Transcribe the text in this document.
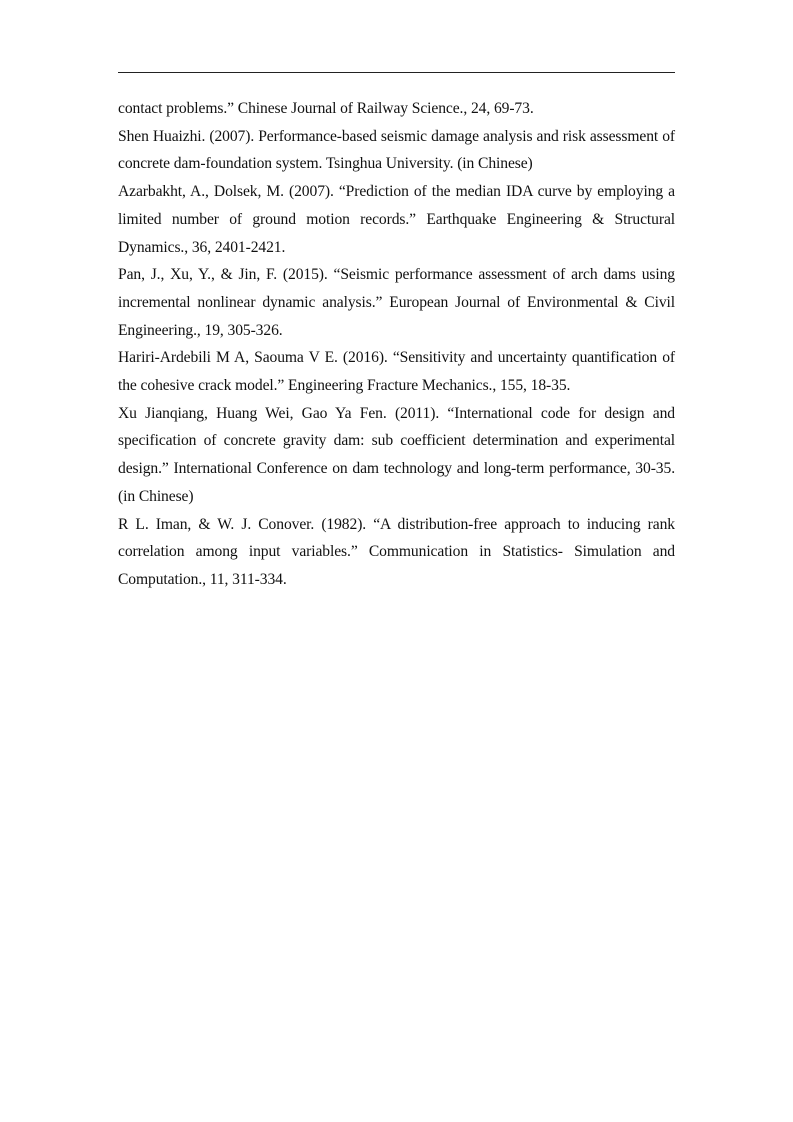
contact problems.” Chinese Journal of Railway Science., 24, 69-73.

Shen Huaizhi. (2007). Performance-based seismic damage analysis and risk assessment of concrete dam-foundation system. Tsinghua University. (in Chinese)

Azarbakht, A., Dolsek, M. (2007). “Prediction of the median IDA curve by employing a limited number of ground motion records.” Earthquake Engineering & Structural Dynamics., 36, 2401-2421.

Pan, J., Xu, Y., & Jin, F. (2015). “Seismic performance assessment of arch dams using incremental nonlinear dynamic analysis.” European Journal of Environmental & Civil Engineering., 19, 305-326.

Hariri-Ardebili M A, Saouma V E. (2016). “Sensitivity and uncertainty quantification of the cohesive crack model.” Engineering Fracture Mechanics., 155, 18-35.

Xu Jianqiang, Huang Wei, Gao Ya Fen. (2011). “International code for design and specification of concrete gravity dam: sub coefficient determination and experimental design.” International Conference on dam technology and long-term performance, 30-35. (in Chinese)

R L. Iman, & W. J. Conover. (1982). “A distribution-free approach to inducing rank correlation among input variables.” Communication in Statistics- Simulation and Computation., 11, 311-334.
